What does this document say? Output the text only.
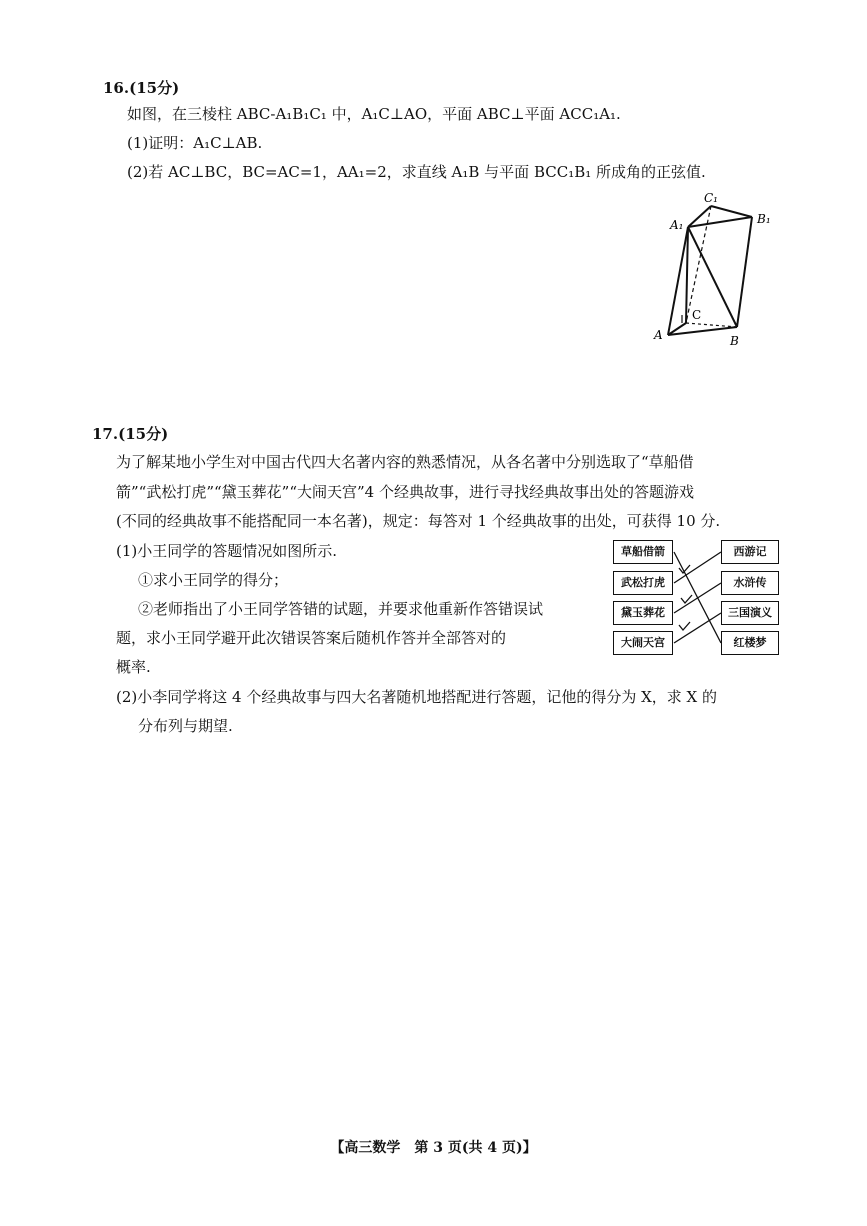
16.(15分)
如图，在三棱柱 ABC-A₁B₁C₁ 中，A₁C⊥AO，平面 ABC⊥平面 ACC₁A₁.
(1)证明：A₁C⊥AB.
(2)若 AC⊥BC，BC=AC=1，AA₁=2，求直线 A₁B 与平面 BCC₁B₁ 所成角的正弦值.
A₁
C₁
B₁
A
C
B
17.(15分)
为了解某地小学生对中国古代四大名著内容的熟悉情况，从各名著中分别选取了“草船借
箭”“武松打虎”“黛玉葬花”“大闹天宫”4 个经典故事，进行寻找经典故事出处的答题游戏
(不同的经典故事不能搭配同一本名著)，规定：每答对 1 个经典故事的出处，可获得 10 分.
(1)小王同学的答题情况如图所示.
①求小王同学的得分；
②老师指出了小王同学答错的试题，并要求他重新作答错误试
题，求小王同学避开此次错误答案后随机作答并全部答对的
概率.
(2)小李同学将这 4 个经典故事与四大名著随机地搭配进行答题，记他的得分为 X，求 X 的
分布列与期望.
草船借箭
武松打虎
黛玉葬花
大闹天宫
西游记
水浒传
三国演义
红楼梦
【高三数学　第 3 页(共 4 页)】
